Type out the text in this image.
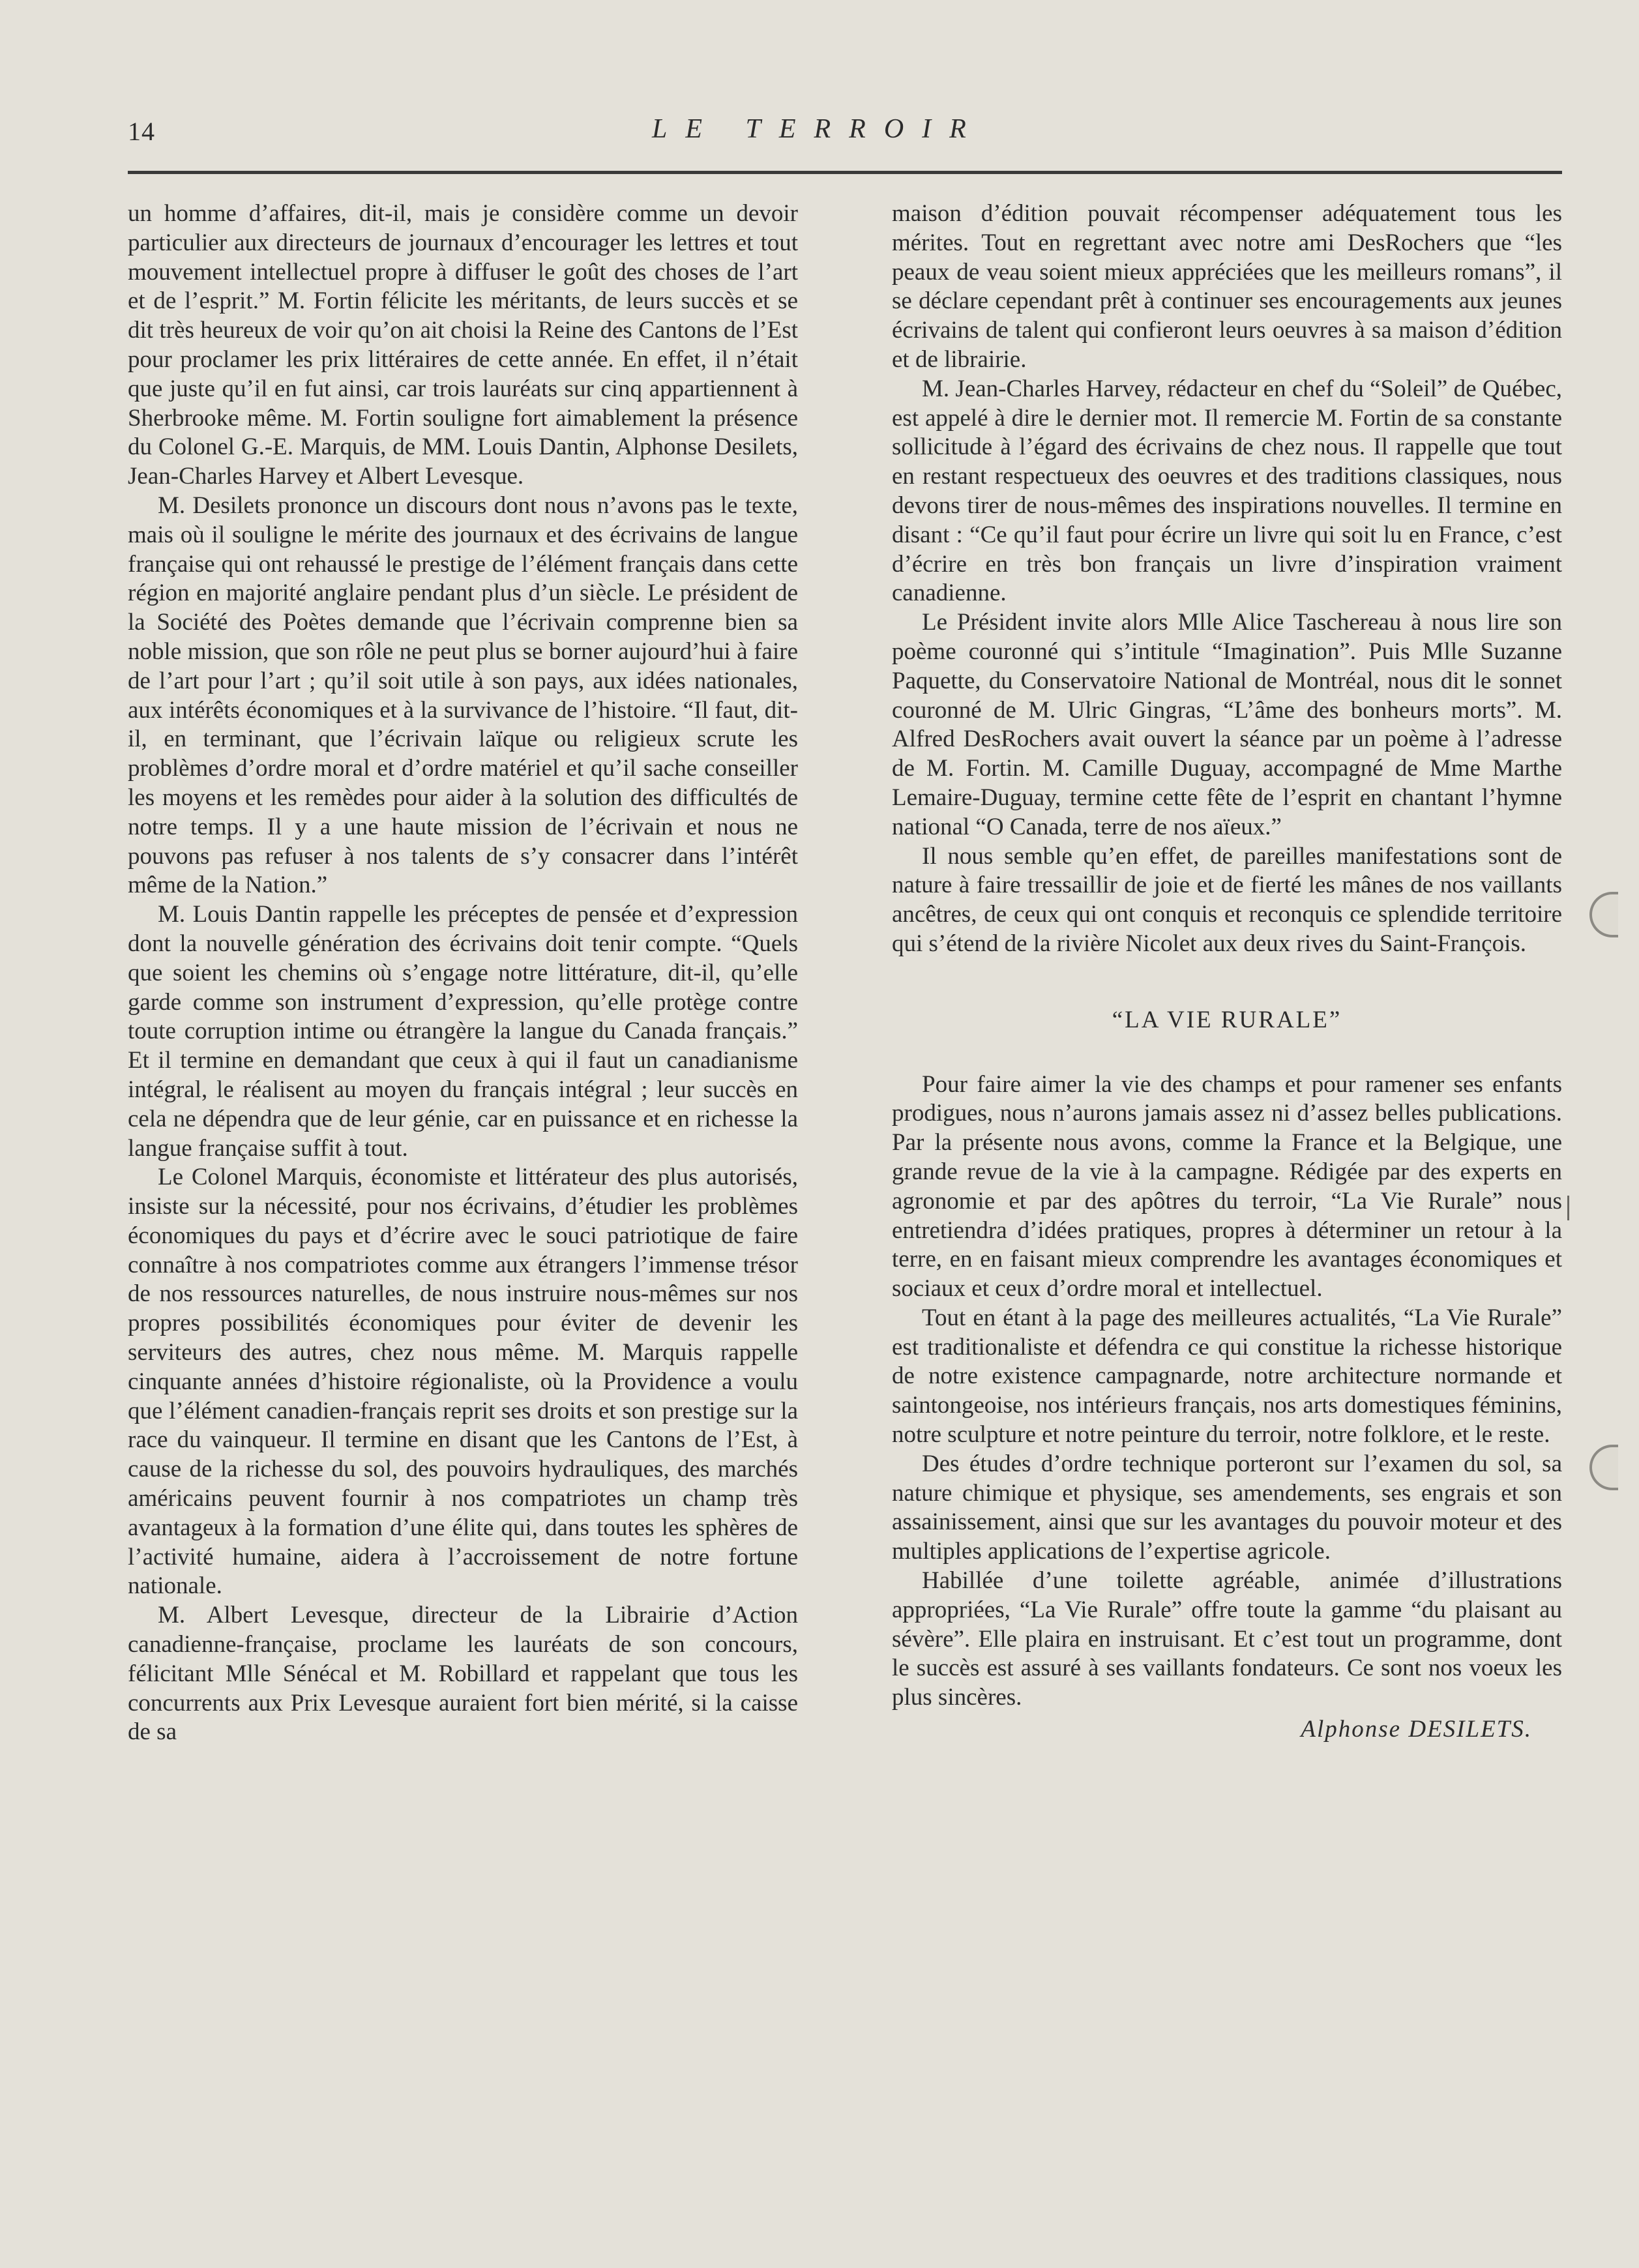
14	LE TERROIR

un homme d’affaires, dit-il, mais je considère comme un devoir particulier aux directeurs de journaux d’encourager les lettres et tout mouvement intellectuel propre à diffuser le goût des choses de l’art et de l’esprit.” M. Fortin félicite les méritants, de leurs succès et se dit très heureux de voir qu’on ait choisi la Reine des Cantons de l’Est pour proclamer les prix littéraires de cette année. En effet, il n’était que juste qu’il en fut ainsi, car trois lauréats sur cinq appartiennent à Sherbrooke même. M. Fortin souligne fort aimablement la présence du Colonel G.-E. Marquis, de MM. Louis Dantin, Alphonse Desilets, Jean-Charles Harvey et Albert Levesque.

M. Desilets prononce un discours dont nous n’avons pas le texte, mais où il souligne le mérite des journaux et des écrivains de langue française qui ont rehaussé le prestige de l’élément français dans cette région en majorité anglaire pendant plus d’un siècle. Le président de la Société des Poètes demande que l’écrivain comprenne bien sa noble mission, que son rôle ne peut plus se borner aujourd’hui à faire de l’art pour l’art ; qu’il soit utile à son pays, aux idées nationales, aux intérêts économiques et à la survivance de l’histoire. “Il faut, dit-il, en terminant, que l’écrivain laïque ou religieux scrute les problèmes d’ordre moral et d’ordre matériel et qu’il sache conseiller les moyens et les remèdes pour aider à la solution des difficultés de notre temps. Il y a une haute mission de l’écrivain et nous ne pouvons pas refuser à nos talents de s’y consacrer dans l’intérêt même de la Nation.”

M. Louis Dantin rappelle les préceptes de pensée et d’expression dont la nouvelle génération des écrivains doit tenir compte. “Quels que soient les chemins où s’engage notre littérature, dit-il, qu’elle garde comme son instrument d’expression, qu’elle protège contre toute corruption intime ou étrangère la langue du Canada français.” Et il termine en demandant que ceux à qui il faut un canadianisme intégral, le réalisent au moyen du français intégral ; leur succès en cela ne dépendra que de leur génie, car en puissance et en richesse la langue française suffit à tout.

Le Colonel Marquis, économiste et littérateur des plus autorisés, insiste sur la nécessité, pour nos écrivains, d’étudier les problèmes économiques du pays et d’écrire avec le souci patriotique de faire connaître à nos compatriotes comme aux étrangers l’immense trésor de nos ressources naturelles, de nous instruire nous-mêmes sur nos propres possibilités économiques pour éviter de devenir les serviteurs des autres, chez nous même. M. Marquis rappelle cinquante années d’histoire régionaliste, où la Providence a voulu que l’élément canadien-français reprit ses droits et son prestige sur la race du vainqueur. Il termine en disant que les Cantons de l’Est, à cause de la richesse du sol, des pouvoirs hydrauliques, des marchés américains peuvent fournir à nos compatriotes un champ très avantageux à la formation d’une élite qui, dans toutes les sphères de l’activité humaine, aidera à l’accroissement de notre fortune nationale.

M. Albert Levesque, directeur de la Librairie d’Action canadienne-française, proclame les lauréats de son concours, félicitant Mlle Sénécal et M. Robillard et rappelant que tous les concurrents aux Prix Levesque auraient fort bien mérité, si la caisse de sa

maison d’édition pouvait récompenser adéquatement tous les mérites. Tout en regrettant avec notre ami DesRochers que “les peaux de veau soient mieux appréciées que les meilleurs romans”, il se déclare cependant prêt à continuer ses encouragements aux jeunes écrivains de talent qui confieront leurs oeuvres à sa maison d’édition et de librairie.

M. Jean-Charles Harvey, rédacteur en chef du “Soleil” de Québec, est appelé à dire le dernier mot. Il remercie M. Fortin de sa constante sollicitude à l’égard des écrivains de chez nous. Il rappelle que tout en restant respectueux des oeuvres et des traditions classiques, nous devons tirer de nous-mêmes des inspirations nouvelles. Il termine en disant : “Ce qu’il faut pour écrire un livre qui soit lu en France, c’est d’écrire en très bon français un livre d’inspiration vraiment canadienne.

Le Président invite alors Mlle Alice Taschereau à nous lire son poème couronné qui s’intitule “Imagination”. Puis Mlle Suzanne Paquette, du Conservatoire National de Montréal, nous dit le sonnet couronné de M. Ulric Gingras, “L’âme des bonheurs morts”. M. Alfred DesRochers avait ouvert la séance par un poème à l’adresse de M. Fortin. M. Camille Duguay, accompagné de Mme Marthe Lemaire-Duguay, termine cette fête de l’esprit en chantant l’hymne national “O Canada, terre de nos aïeux.”

Il nous semble qu’en effet, de pareilles manifestations sont de nature à faire tressaillir de joie et de fierté les mânes de nos vaillants ancêtres, de ceux qui ont conquis et reconquis ce splendide territoire qui s’étend de la rivière Nicolet aux deux rives du Saint-François.

“LA VIE RURALE”

Pour faire aimer la vie des champs et pour ramener ses enfants prodigues, nous n’aurons jamais assez ni d’assez belles publications. Par la présente nous avons, comme la France et la Belgique, une grande revue de la vie à la campagne. Rédigée par des experts en agronomie et par des apôtres du terroir, “La Vie Rurale” nous entretiendra d’idées pratiques, propres à déterminer un retour à la terre, en en faisant mieux comprendre les avantages économiques et sociaux et ceux d’ordre moral et intellectuel.

Tout en étant à la page des meilleures actualités, “La Vie Rurale” est traditionaliste et défendra ce qui constitue la richesse historique de notre existence campagnarde, notre architecture normande et saintongeoise, nos intérieurs français, nos arts domestiques féminins, notre sculpture et notre peinture du terroir, notre folklore, et le reste.

Des études d’ordre technique porteront sur l’examen du sol, sa nature chimique et physique, ses amendements, ses engrais et son assainissement, ainsi que sur les avantages du pouvoir moteur et des multiples applications de l’expertise agricole.

Habillée d’une toilette agréable, animée d’illustrations appropriées, “La Vie Rurale” offre toute la gamme “du plaisant au sévère”. Elle plaira en instruisant. Et c’est tout un programme, dont le succès est assuré à ses vaillants fondateurs. Ce sont nos voeux les plus sincères.

Alphonse DESILETS.
